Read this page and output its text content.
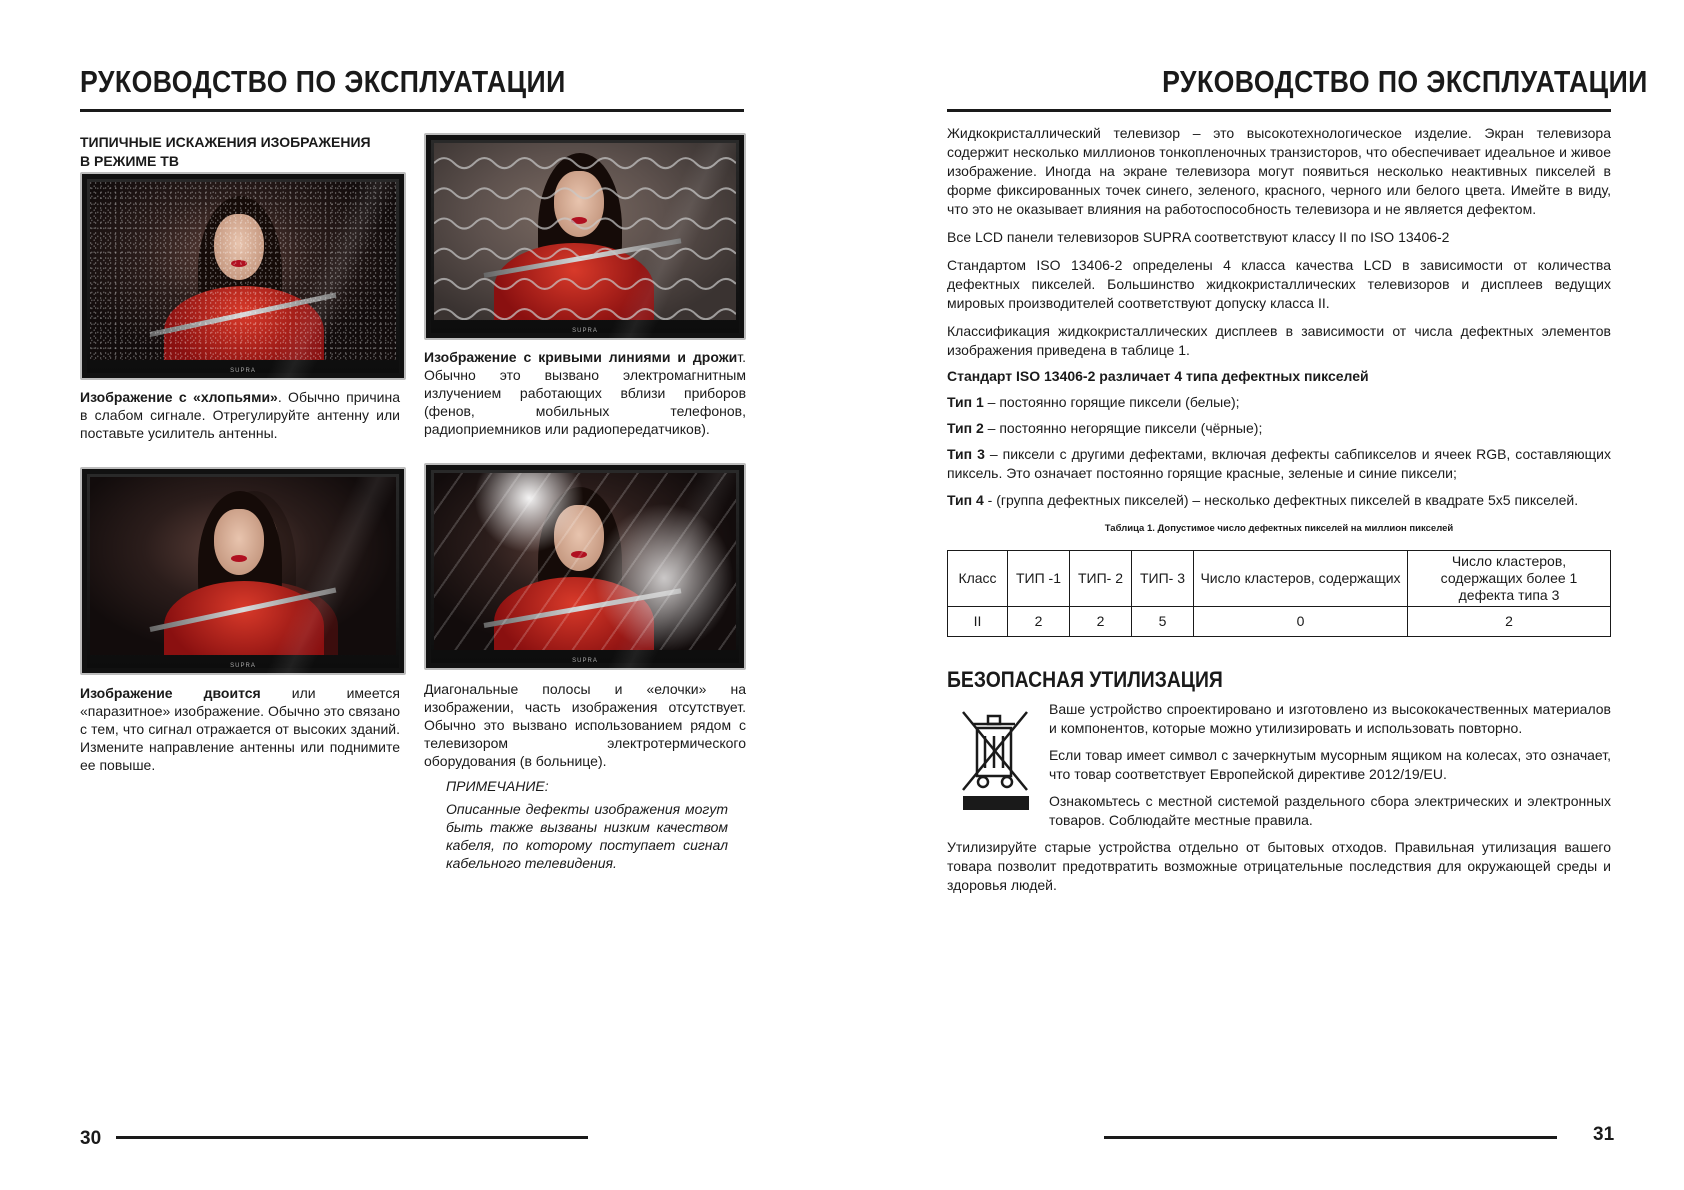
РУКОВОДСТВО ПО ЭКСПЛУАТАЦИИ
ТИПИЧНЫЕ ИСКАЖЕНИЯ ИЗОБРАЖЕНИЯ В РЕЖИМЕ ТВ
SUPRA
Изображение с «хлопьями». Обычно причина в слабом сигнале. Отрегулируйте антенну или поставьте усилитель антенны.
SUPRA
Изображение с кривыми линиями и дрожит. Обычно это вызвано электромагнитным излучением работающих вблизи приборов (фенов, мобильных телефонов, радиоприемников или радиопередатчиков).
SUPRA
Изображение двоится или имеется «паразитное» изображение. Обычно это связано с тем, что сигнал отражается от высоких зданий. Измените направление антенны или поднимите ее повыше.
SUPRA
Диагональные полосы и «елочки» на изображении, часть изображения отсутствует. Обычно это вызвано использованием рядом с телевизором электротермического оборудования (в больнице).
ПРИМЕЧАНИЕ:
Описанные дефекты изображения могут быть также вызваны низким качеством кабеля, по которому поступает сигнал кабельного телевидения.
30
РУКОВОДСТВО ПО ЭКСПЛУАТАЦИИ
Жидкокристаллический телевизор – это высокотехнологическое изделие. Экран телевизора содержит несколько миллионов тонкопленочных транзисторов, что обеспечивает идеальное и живое изображение. Иногда на экране телевизора могут появиться несколько неактивных пикселей в форме фиксированных точек синего, зеленого, красного, черного или белого цвета. Имейте в виду, что это не оказывает влияния на работоспособность телевизора и не является дефектом.
Все LCD панели телевизоров SUPRA соответствуют классу II по ISO 13406-2
Стандартом ISO 13406-2 определены 4 класса качества LCD в зависимости от количества дефектных пикселей. Большинство жидкокристаллических телевизоров и дисплеев ведущих мировых производителей соответствуют допуску класса II.
Классификация жидкокристаллических дисплеев в зависимости от числа дефектных элементов изображения приведена в таблице 1.
Стандарт ISO 13406-2 различает 4 типа дефектных пикселей
Тип 1 – постоянно горящие пиксели (белые);
Тип 2 – постоянно негорящие пиксели (чёрные);
Тип 3 – пиксели с другими дефектами, включая дефекты сабпикселов и ячеек RGB, составляющих пиксель. Это означает постоянно горящие красные, зеленые и синие пиксели;
Тип 4 - (группа дефектных пикселей) – несколько дефектных пикселей в квадрате 5х5 пикселей.
Таблица 1. Допустимое число дефектных пикселей на миллион пикселей
Класс	ТИП -1	ТИП- 2	ТИП- 3	Число кластеров, содержащих	Число кластеров, содержащих более 1 дефекта типа 3
II	2	2	5	0	2
БЕЗОПАСНАЯ УТИЛИЗАЦИЯ
Ваше устройство спроектировано и изготовлено из высококачественных материалов и компонентов, которые можно утилизировать и использовать повторно.
Если товар имеет символ с зачеркнутым мусорным ящиком на колесах, это означает, что товар соответствует Европейской директиве 2012/19/EU.
Ознакомьтесь с местной системой раздельного сбора электрических и электронных товаров. Соблюдайте местные правила.
Утилизируйте старые устройства отдельно от бытовых отходов. Правильная утилизация вашего товара позволит предотвратить возможные отрицательные последствия для окружающей среды и здоровья людей.
31
